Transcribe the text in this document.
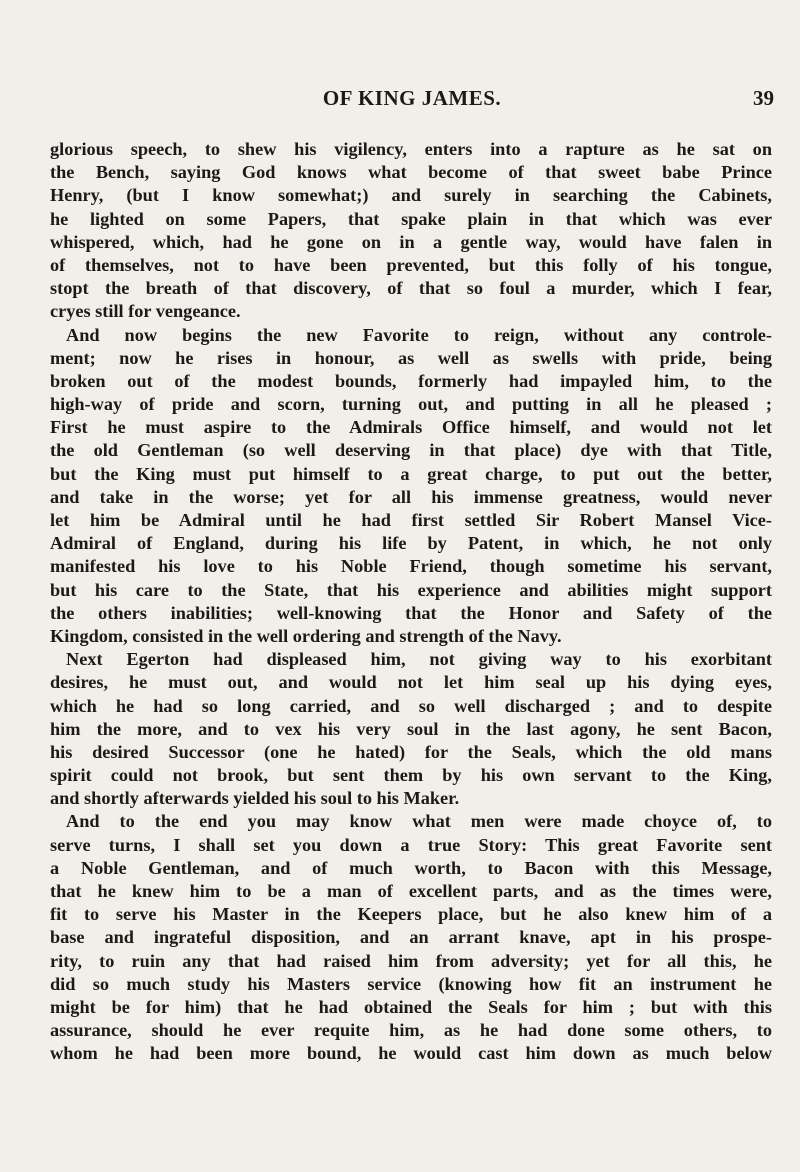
OF KING JAMES.	39
glorious speech, to shew his vigilency, enters into a rapture as he sat on
the Bench, saying God knows what become of that sweet babe Prince
Henry, (but I know somewhat;) and surely in searching the Cabinets,
he lighted on some Papers, that spake plain in that which was ever
whispered, which, had he gone on in a gentle way, would have falen in
of themselves, not to have been prevented, but this folly of his tongue,
stopt the breath of that discovery, of that so foul a murder, which I fear,
cryes still for vengeance.
And now begins the new Favorite to reign, without any controle-
ment; now he rises in honour, as well as swells with pride, being
broken out of the modest bounds, formerly had impayled him, to the
high-way of pride and scorn, turning out, and putting in all he pleased ;
First he must aspire to the Admirals Office himself, and would not let
the old Gentleman (so well deserving in that place) dye with that Title,
but the King must put himself to a great charge, to put out the better,
and take in the worse; yet for all his immense greatness, would never
let him be Admiral until he had first settled Sir Robert Mansel Vice-
Admiral of England, during his life by Patent, in which, he not only
manifested his love to his Noble Friend, though sometime his servant,
but his care to the State, that his experience and abilities might support
the others inabilities; well-knowing that the Honor and Safety of the
Kingdom, consisted in the well ordering and strength of the Navy.
Next Egerton had displeased him, not giving way to his exorbitant
desires, he must out, and would not let him seal up his dying eyes,
which he had so long carried, and so well discharged ; and to despite
him the more, and to vex his very soul in the last agony, he sent Bacon,
his desired Successor (one he hated) for the Seals, which the old mans
spirit could not brook, but sent them by his own servant to the King,
and shortly afterwards yielded his soul to his Maker.
And to the end you may know what men were made choyce of, to
serve turns, I shall set you down a true Story: This great Favorite sent
a Noble Gentleman, and of much worth, to Bacon with this Message,
that he knew him to be a man of excellent parts, and as the times were,
fit to serve his Master in the Keepers place, but he also knew him of a
base and ingrateful disposition, and an arrant knave, apt in his prospe-
rity, to ruin any that had raised him from adversity; yet for all this, he
did so much study his Masters service (knowing how fit an instrument he
might be for him) that he had obtained the Seals for him ; but with this
assurance, should he ever requite him, as he had done some others, to
whom he had been more bound, he would cast him down as much below
